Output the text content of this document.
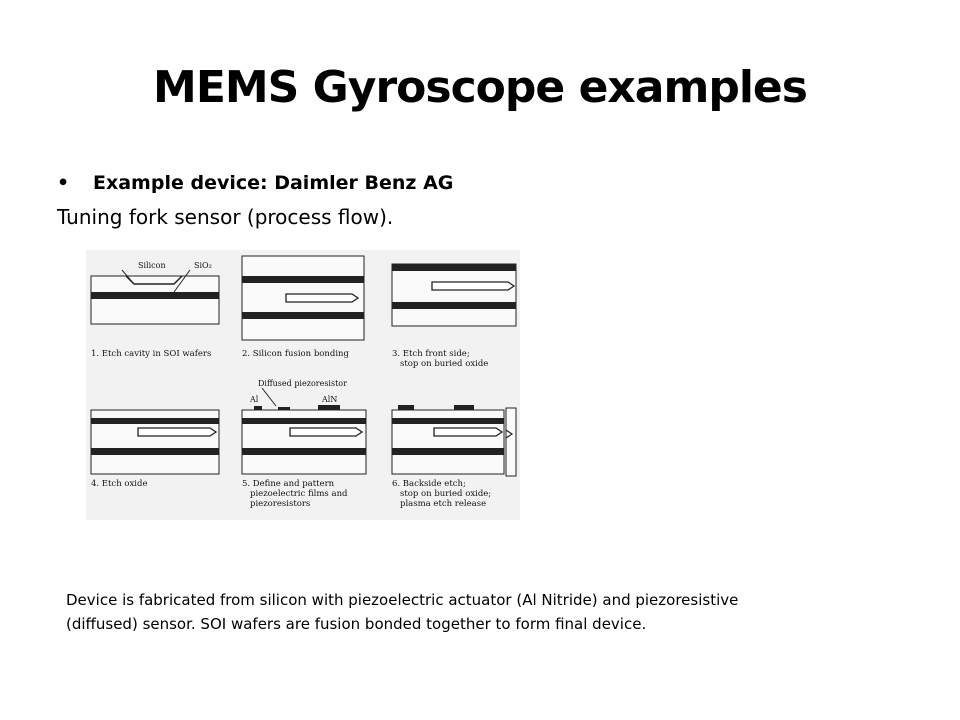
MEMS Gyroscope examples
• Example device: Daimler Benz AG
Tuning fork sensor (process flow).
Silicon	SiO₂
1. Etch cavity in SOI wafers	2. Silicon fusion bonding	3. Etch front side;
stop on buried oxide
4. Etch oxide
Diffused piezoresistor
Al	AlN
5. Define and pattern
piezoelectric films and
piezoresistors
6. Backside etch;
stop on buried oxide;
plasma etch release

Device is fabricated from silicon with piezoelectric actuator (Al Nitride) and piezoresistive

(diffused) sensor. SOI wafers are fusion bonded together to form final device.
